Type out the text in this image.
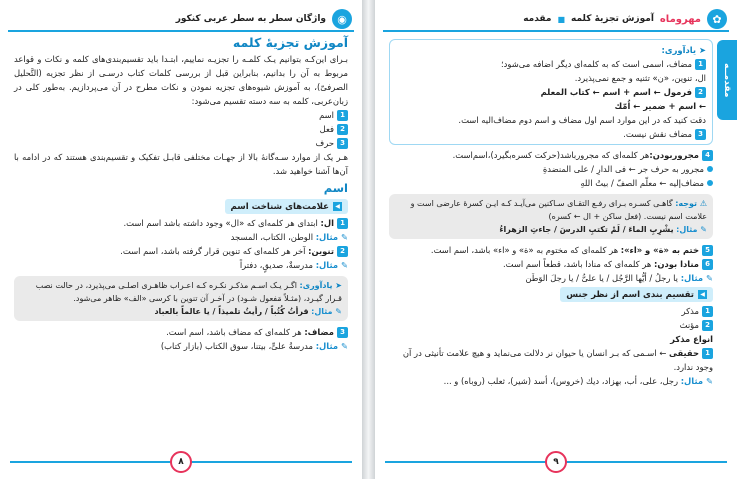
◉
واژگان سطر به سطر عربی کنکور
آموزش تجزیهٔ کلمه

بـرای این‌کـه بتوانیم یـک کلمـه را تجزیـه نماییم، ابتـدا باید تقسیم‌بندی‌های کلمه و نکات و قواعد مربوط به آن را بدانیم، بنابراین قبل از بررسی کلمات کتاب درسـی از نظر تجزیه (التَّحلیل الصرفیّ)، به آموزش شیوه‌های تجزیه نمودن و نکات مطرح در آن می‌پردازیم. به‌طور کلی در زبان‌عربی، کلمه به سه دسته تقسیم می‌شود:

1اسم
2فعل
3حرف

هـر یک از موارد سـه‌گانهٔ بالا از جهـات مختلفی قابـل تفکیک و تقسیم‌بندی هستند که در ادامه با آن‌ها آشنا خواهید شد.

اسم
◀
علامت‌های شناخت اسم
1ال: ابتدای هر کلمه‌ای که «ال» وجود داشته باشد اسم است.
✎ مثال: الوطن، الکتاب، المسجد
2تنوین: آخر هر کلمه‌ای که تنوین قرار گرفته باشد، اسم است.
✎ مثال: مدرسةٌ، صدیقٍ، دفتراً
➤ یادآوری: اگـر یـک اسـم مذکـر نکـره کـه اعـراب ظاهـری اصلـی می‌پذیرد، در حالت نصب قـرار گیـرد، (مثـلاً مَفعول شـود) در آخـر آن تنوین با کرسی «الف» ظاهر می‌شود.
✎ مثال: قرأتُ کُتُباً / رأیتُ تلمیذاً / یا عالماً بالعباد
3مضاف: هر کلمه‌ای که مضاف باشد، اسم است.
✎ مثال: مدرسةُ علیٍّ، بیتنا، سوق الکتاب (بازار کتاب)
۸
✿
مهروماه
آموزش تجزیهٔ کلمه
■
مقدمه
مقدمــه
➤ یادآوری:
1مضاف، اسمی است که به کلمه‌ای دیگر اضافه می‌شود؛
ال، تنوین، «ن» تثنیه و جمع نمی‌پذیرد.
2فرمول ← اسم + اسم ← کتاب المعلم
← اسم + ضمیر ← اُمّك
دقت کنید که در این موارد اسم اول مضاف و اسم دوم مضاف‌الیه است.
3مضاف نقش نیست.
4مجروربودن:هر کلمه‌ای که مجرورباشد(حرکت کسره‌بگیرد)،اسم‌است.
مجرور به حرف جر ← فی الدارِ / علی المنضدةِ
مضاف‌إلیه ← معلّم الصفّ / بیتُ اللهِ
⚠ توجه: گاهـی کسـره بـرای رفـع التقـای سـاکنین می‌آیـد کـه ایـن کسرهٔ عارضی است و علامت اسم نیست. (فعل ساکن + ال ← کسره)
✎ مثال: یشْرِبِ الماءَ / لَمْ تکتبِ الدرسَ / جاءتِ الزهراءُ
5ختم به «ة» و «اء»: هر کلمه‌ای که مختوم به «ة» و «اء» باشد، اسم است.
6منادا بودن: هر کلمه‌ای که منادا باشد، قطعاً اسم است.
✎ مثال: یا رجلُ / أیُّها الرَّجُل / یا علیُّ / یا رجلَ الوَطَن
◀
تقسیم بندی اسم از نظر جنس
1مذکر
2مؤنث
انواع مذکر
1حقیقی ← اسـمی که بـر انسان یا حیوان نر دلالت می‌نماید و هیچ علامت تأنیثی در آن وجود ندارد.
✎ مثال: رجل، علی، أب، بهزاد، دیك (خروس)، أسد (شیر)، ثعلب (روباه) و ...
۹
